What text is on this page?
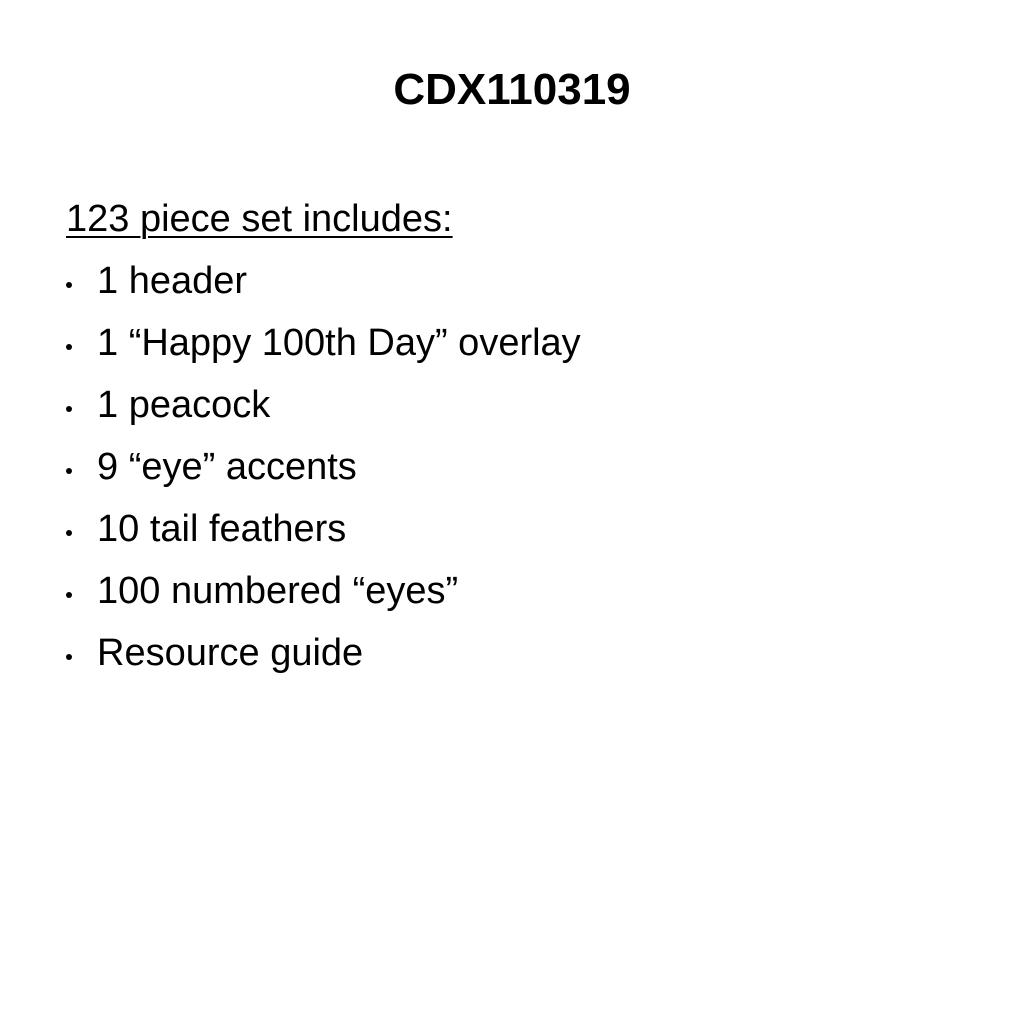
CDX110319

123 piece set includes:

1 header
1 “Happy 100th Day” overlay
1 peacock
9 “eye” accents
10 tail feathers
100 numbered “eyes”
Resource guide
